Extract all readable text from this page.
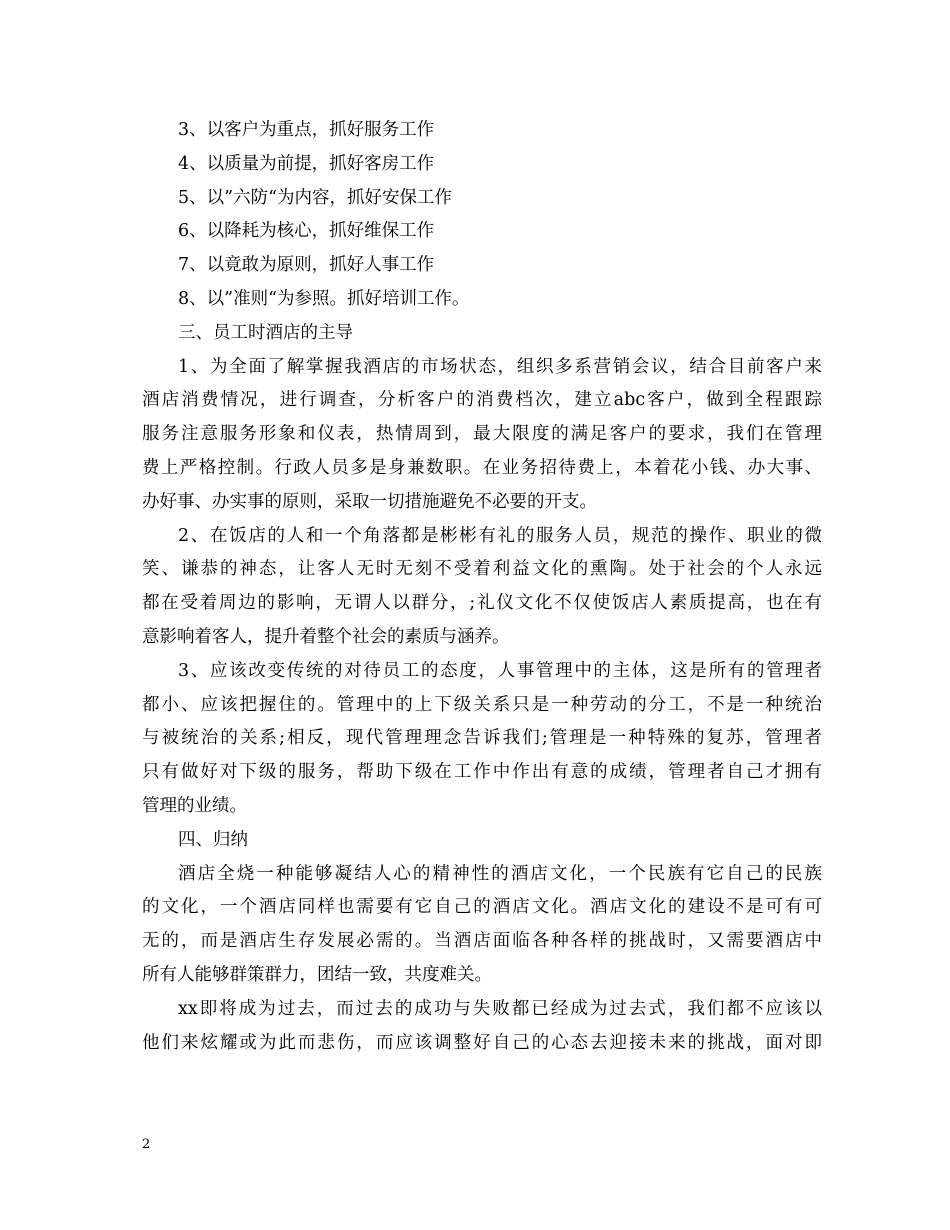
3、以客户为重点，抓好服务工作
4、以质量为前提，抓好客房工作
5、以”六防“为内容，抓好安保工作
6、以降耗为核心，抓好维保工作
7、以竟敢为原则，抓好人事工作
8、以”准则“为参照。抓好培训工作。
三、员工时酒店的主导
1、为全面了解掌握我酒店的市场状态，组织多系营销会议，结合目前客户来
酒店消费情况，进行调查，分析客户的消费档次，建立abc客户，做到全程跟踪
服务注意服务形象和仪表，热情周到，最大限度的满足客户的要求，我们在管理
费上严格控制。行政人员多是身兼数职。在业务招待费上，本着花小钱、办大事、
办好事、办实事的原则，采取一切措施避免不必要的开支。
2、在饭店的人和一个角落都是彬彬有礼的服务人员，规范的操作、职业的微
笑、谦恭的神态，让客人无时无刻不受着利益文化的熏陶。处于社会的个人永远
都在受着周边的影响，无谓人以群分，;礼仪文化不仅使饭店人素质提高，也在有
意影响着客人，提升着整个社会的素质与涵养。
3、应该改变传统的对待员工的态度，人事管理中的主体，这是所有的管理者
都小、应该把握住的。管理中的上下级关系只是一种劳动的分工，不是一种统治
与被统治的关系;相反，现代管理理念告诉我们;管理是一种特殊的复苏，管理者
只有做好对下级的服务，帮助下级在工作中作出有意的成绩，管理者自己才拥有
管理的业绩。
四、归纳
酒店全烧一种能够凝结人心的精神性的酒店文化，一个民族有它自己的民族
的文化，一个酒店同样也需要有它自己的酒店文化。酒店文化的建设不是可有可
无的，而是酒店生存发展必需的。当酒店面临各种各样的挑战时，又需要酒店中
所有人能够群策群力，团结一致，共度难关。
xx即将成为过去，而过去的成功与失败都已经成为过去式，我们都不应该以
他们来炫耀或为此而悲伤，而应该调整好自己的心态去迎接未来的挑战，面对即
2
